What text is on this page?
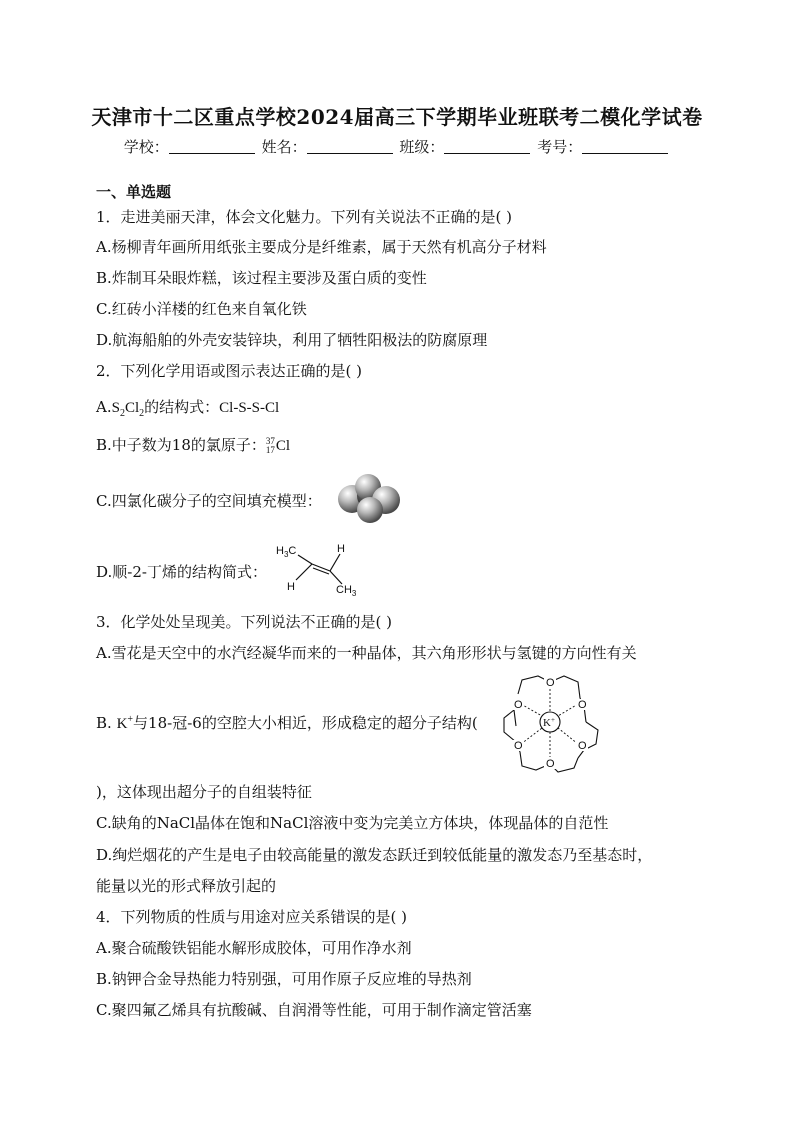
天津市十二区重点学校2024届高三下学期毕业班联考二模化学试卷
学校：	姓名：	班级：	考号：
一、单选题
1．走进美丽天津，体会文化魅力。下列有关说法不正确的是( )
A.杨柳青年画所用纸张主要成分是纤维素，属于天然有机高分子材料
B.炸制耳朵眼炸糕，该过程主要涉及蛋白质的变性
C.红砖小洋楼的红色来自氧化铁
D.航海船舶的外壳安装锌块，利用了牺牲阳极法的防腐原理
2．下列化学用语或图示表达正确的是( )
$A.S_2Cl_2$的结构式：Cl-S-S-Cl
B.中子数为18的氯原子：37
17Cl
C.四氯化碳分子的空间填充模型：
D.顺-2-丁烯的结构简式：
$H_3C$	H
H	$CH_3$
3．化学处处呈现美。下列说法不正确的是( )
A.雪花是天空中的水汽经凝华而来的一种晶体，其六角形形状与氢键的方向性有关
B. K+与18-冠-6的空腔大小相近，形成稳定的超分子结构(
O
O
O
O
O
O
K+
)，这体现出超分子的自组装特征
C.缺角的NaCl晶体在饱和NaCl溶液中变为完美立方体块，体现晶体的自范性
D.绚烂烟花的产生是电子由较高能量的激发态跃迁到较低能量的激发态乃至基态时，
能量以光的形式释放引起的
4．下列物质的性质与用途对应关系错误的是( )
A.聚合硫酸铁铝能水解形成胶体，可用作净水剂
B.钠钾合金导热能力特别强，可用作原子反应堆的导热剂
C.聚四氟乙烯具有抗酸碱、自润滑等性能，可用于制作滴定管活塞
